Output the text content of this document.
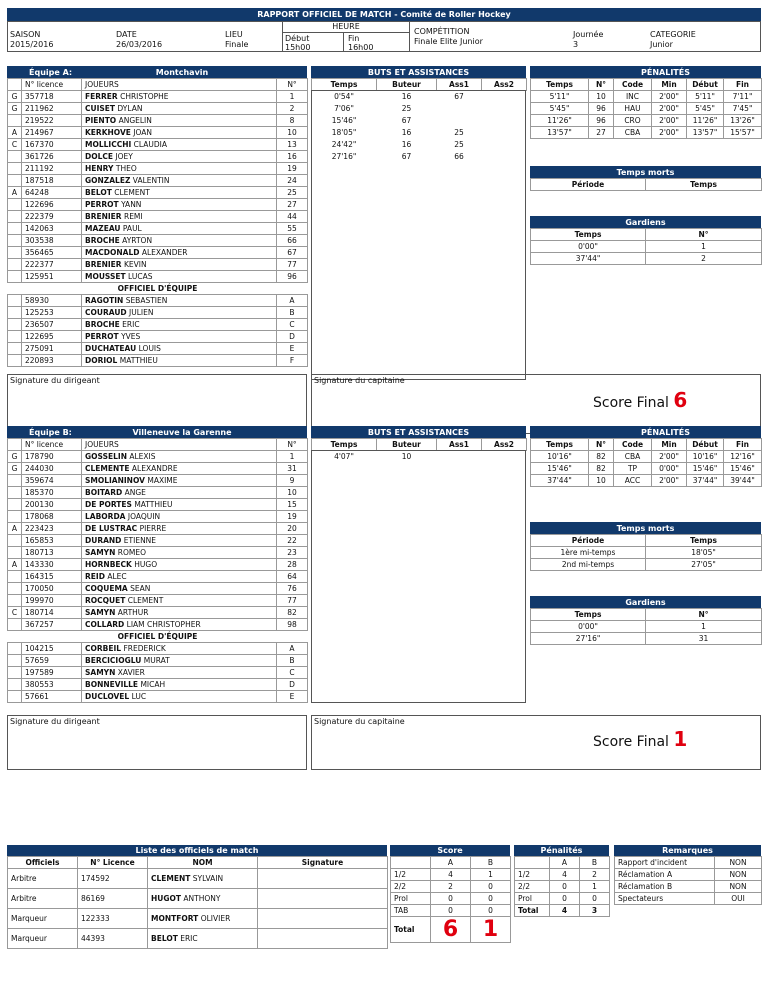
RAPPORT OFFICIEL DE MATCH - Comité de Roller Hockey
SAISON
2015/2016
DATE
26/03/2016
LIEU
Finale
HEURE
Début
15h00
Fin
16h00
COMPÉTITION
Finale Elite Junior
Journée
3
CATEGORIE
Junior
Équipe A:	Montchavin
	N° licence	JOUEURS	N°
G	357718	FERRER CHRISTOPHE	1
G	211962	CUISET DYLAN	2
	219522	PIENTO ANGELIN	8
A	214967	KERKHOVE JOAN	10
C	167370	MOLLICCHI CLAUDIA	13
	361726	DOLCE JOEY	16
	211192	HENRY THEO	19
	187518	GONZALEZ VALENTIN	24
A	64248	BELOT CLEMENT	25
	122696	PERROT YANN	27
	222379	BRENIER REMI	44
	142063	MAZEAU PAUL	55
	303538	BROCHE AYRTON	66
	356465	MACDONALD ALEXANDER	67
	222377	BRENIER KEVIN	77
	125951	MOUSSET LUCAS	96
OFFICIEL D'ÉQUIPE			
	58930	RAGOTIN SEBASTIEN	A
	125253	COURAUD JULIEN	B
	236507	BROCHE ERIC	C
	122695	PERROT YVES	D
	275091	DUCHATEAU LOUIS	E
	220893	DORIOL MATTHIEU	F
BUTS ET ASSISTANCES
Temps	Buteur	Ass1	Ass2
0'54"	16	67	
7'06"	25		
15'46"	67		
18'05"	16	25	
24'42"	16	25	
27'16"	67	66	
PÉNALITÉS
Temps	N°	Code	Min	Début	Fin
5'11"	10	INC	2'00"	5'11"	7'11"
5'45"	96	HAU	2'00"	5'45"	7'45"
11'26"	96	CRO	2'00"	11'26"	13'26"
13'57"	27	CBA	2'00"	13'57"	15'57"
Temps morts
Période	Temps
Gardiens
Temps	N°
0'00"	1
37'44"	2
Signature du dirigeant	Signature du capitaine
Score Final 6
Équipe B:	Villeneuve la Garenne
	N° licence	JOUEURS	N°
G	178790	GOSSELIN ALEXIS	1
G	244030	CLEMENTE ALEXANDRE	31
	359674	SMOLIANINOV MAXIME	9
	185370	BOITARD ANGE	10
	200130	DE PORTES MATTHIEU	15
	178068	LABORDA JOAQUIN	19
A	223423	DE LUSTRAC PIERRE	20
	165853	DURAND ETIENNE	22
	180713	SAMYN ROMEO	23
A	143330	HORNBECK HUGO	28
	164315	REID ALEC	64
	170050	COQUEMA SEAN	76
	199970	ROCQUET CLEMENT	77
C	180714	SAMYN ARTHUR	82
	367257	COLLARD LIAM CHRISTOPHER	98
OFFICIEL D'ÉQUIPE			
	104215	CORBEIL FREDERICK	A
	57659	BERCICIOGLU MURAT	B
	197589	SAMYN XAVIER	C
	380553	BONNEVILLE MICAH	D
	57661	DUCLOVEL LUC	E
BUTS ET ASSISTANCES
Temps	Buteur	Ass1	Ass2
4'07"	10		
PÉNALITÉS
Temps	N°	Code	Min	Début	Fin
10'16"	82	CBA	2'00"	10'16"	12'16"
15'46"	82	TP	0'00"	15'46"	15'46"
37'44"	10	ACC	2'00"	37'44"	39'44"
Temps morts
Période	Temps
1ère mi-temps	18'05"
2nd mi-temps	27'05"
Gardiens
Temps	N°
0'00"	1
27'16"	31
Signature du dirigeant	Signature du capitaine
Score Final 1
Liste des officiels de match
Officiels	N° Licence	NOM	Signature
Arbitre	174592	CLEMENT SYLVAIN	
Arbitre	86169	HUGOT ANTHONY	
Marqueur	122333	MONTFORT OLIVIER	
Marqueur	44393	BELOT ERIC	
Score	Pénalités	Remarques
	A	B
1/2	4	1
2/2	2	0
Prol	0	0
TAB	0	0
Total	6	1
	A	B
1/2	4	2
2/2	0	1
Prol	0	0
Total	4	3
Rapport d'incident	NON
Réclamation A	NON
Réclamation B	NON
Spectateurs	OUI
